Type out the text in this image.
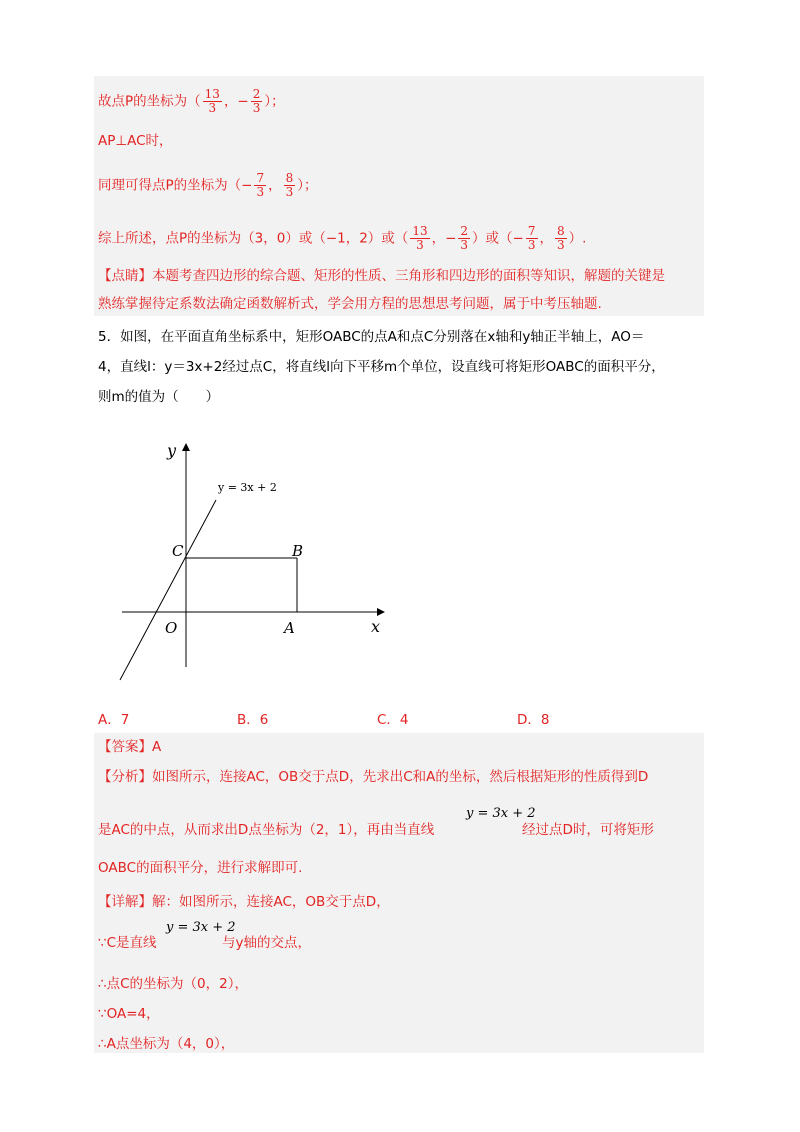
故点P的坐标为（ $\frac{13}{3}$ ，− $\frac{2}{3}$ ）；
AP⊥AC时，
同理可得点P的坐标为（− $\frac{7}{3}$ ， $\frac{8}{3}$ ）；
综上所述，点P的坐标为（3，0）或（−1，2）或（ $\frac{13}{3}$ ，− $\frac{2}{3}$ ）或（− $\frac{7}{3}$ ， $\frac{8}{3}$ ）.
【点睛】本题考查四边形的综合题、矩形的性质、三角形和四边形的面积等知识，解题的关键是
熟练掌握待定系数法确定函数解析式，学会用方程的思想思考问题，属于中考压轴题.
5．如图，在平面直角坐标系中，矩形OABC的点A和点C分别落在x轴和y轴正半轴上，AO＝
4，直线l：y＝3x+2经过点C，将直线l向下平移m个单位，设直线可将矩形OABC的面积平分，
则m的值为（　　）
y = 3x + 2
y
x
C	B
O	A
A．7	B．6	C．4	D．8
【答案】A
【分析】如图所示，连接AC，OB交于点D，先求出C和A的坐标，然后根据矩形的性质得到D
是AC的中点，从而求出D点坐标为（2，1），再由当直线
y = 3x + 2
经过点D时，可将矩形
OABC的面积平分，进行求解即可.
【详解】解：如图所示，连接AC，OB交于点D，
∵C是直线
y = 3x + 2
与y轴的交点，
∴点C的坐标为（0，2），
∵OA=4，
∴A点坐标为（4，0），
